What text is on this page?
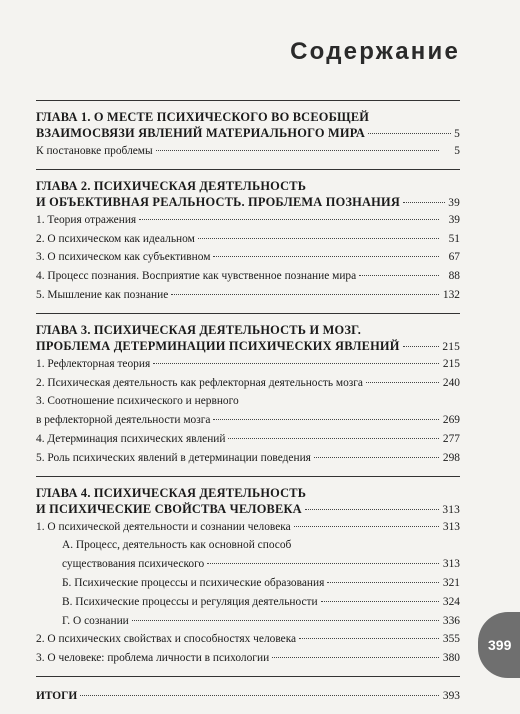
Содержание
ГЛАВА 1. О МЕСТЕ ПСИХИЧЕСКОГО ВО ВСЕОБЩЕЙ
ВЗАИМОСВЯЗИ ЯВЛЕНИЙ МАТЕРИАЛЬНОГО МИРА	5
К постановке проблемы	5
ГЛАВА 2. ПСИХИЧЕСКАЯ ДЕЯТЕЛЬНОСТЬ
И ОБЪЕКТИВНАЯ РЕАЛЬНОСТЬ. ПРОБЛЕМА ПОЗНАНИЯ	39
1. Теория отражения	39
2. О психическом как идеальном	51
3. О психическом как субъективном	67
4. Процесс познания. Восприятие как чувственное познание мира	88
5. Мышление как познание	132
ГЛАВА 3. ПСИХИЧЕСКАЯ ДЕЯТЕЛЬНОСТЬ И МОЗГ.
ПРОБЛЕМА ДЕТЕРМИНАЦИИ ПСИХИЧЕСКИХ ЯВЛЕНИЙ	215
1. Рефлекторная теория	215
2. Психическая деятельность как рефлекторная деятельность мозга	240
3. Соотношение психического и нервного
в рефлекторной деятельности мозга	269
4. Детерминация психических явлений	277
5. Роль психических явлений в детерминации поведения	298
ГЛАВА 4. ПСИХИЧЕСКАЯ ДЕЯТЕЛЬНОСТЬ
И ПСИХИЧЕСКИЕ СВОЙСТВА ЧЕЛОВЕКА	313
1. О психической деятельности и сознании человека	313
А. Процесс, деятельность как основной способ
существования психического	313
Б. Психические процессы и психические образования	321
В. Психические процессы и регуляция деятельности	324
Г. О сознании	336
2. О психических свойствах и способностях человека	355
3. О человеке: проблема личности в психологии	380
ИТОГИ	393
399
